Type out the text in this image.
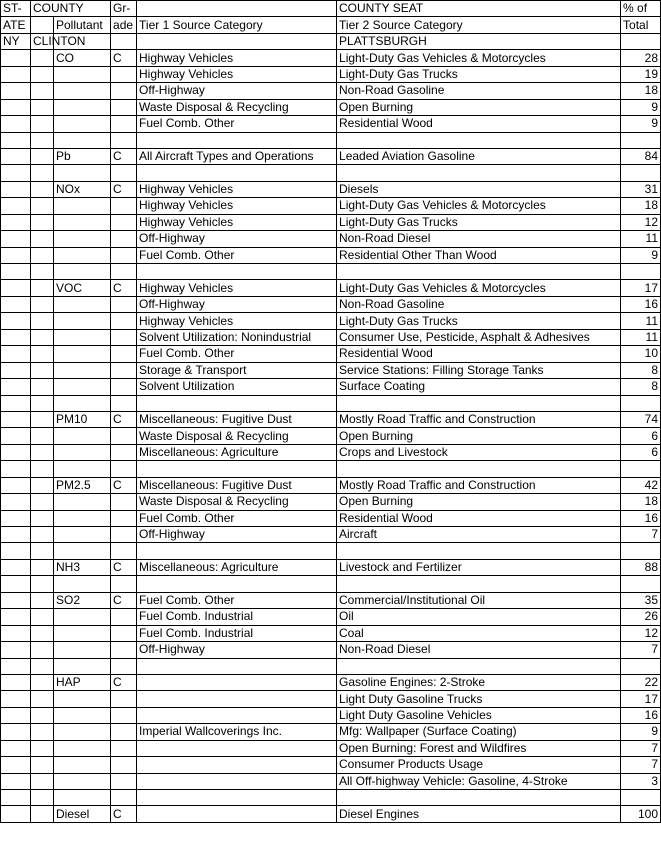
ST-	COUNTY		Gr-		COUNTY SEAT	% of
ATE		Pollutant	ade	Tier 1 Source Category	Tier 2 Source Category	Total
NY	CLINTON				PLATTSBURGH	
		CO	C	Highway Vehicles	Light-Duty Gas Vehicles & Motorcycles	28
				Highway Vehicles	Light-Duty Gas Trucks	19
				Off-Highway	Non-Road Gasoline	18
				Waste Disposal & Recycling	Open Burning	9
				Fuel Comb. Other	Residential Wood	9

		Pb	C	All Aircraft Types and Operations	Leaded Aviation Gasoline	84

		NOx	C	Highway Vehicles	Diesels	31
				Highway Vehicles	Light-Duty Gas Vehicles & Motorcycles	18
				Highway Vehicles	Light-Duty Gas Trucks	12
				Off-Highway	Non-Road Diesel	11
				Fuel Comb. Other	Residential Other Than Wood	9

		VOC	C	Highway Vehicles	Light-Duty Gas Vehicles & Motorcycles	17
				Off-Highway	Non-Road Gasoline	16
				Highway Vehicles	Light-Duty Gas Trucks	11
				Solvent Utilization: Nonindustrial	Consumer Use, Pesticide, Asphalt & Adhesives	11
				Fuel Comb. Other	Residential Wood	10
				Storage & Transport	Service Stations: Filling Storage Tanks	8
				Solvent Utilization	Surface Coating	8

		PM10	C	Miscellaneous: Fugitive Dust	Mostly Road Traffic and Construction	74
				Waste Disposal & Recycling	Open Burning	6
				Miscellaneous: Agriculture	Crops and Livestock	6

		PM2.5	C	Miscellaneous: Fugitive Dust	Mostly Road Traffic and Construction	42
				Waste Disposal & Recycling	Open Burning	18
				Fuel Comb. Other	Residential Wood	16
				Off-Highway	Aircraft	7

		NH3	C	Miscellaneous: Agriculture	Livestock and Fertilizer	88

		SO2	C	Fuel Comb. Other	Commercial/Institutional Oil	35
				Fuel Comb. Industrial	Oil	26
				Fuel Comb. Industrial	Coal	12
				Off-Highway	Non-Road Diesel	7

		HAP	C		Gasoline Engines: 2-Stroke	22
					Light Duty Gasoline Trucks	17
					Light Duty Gasoline Vehicles	16
				Imperial Wallcoverings Inc.	Mfg: Wallpaper (Surface Coating)	9
					Open Burning: Forest and Wildfires	7
					Consumer Products Usage	7
					All Off-highway Vehicle: Gasoline, 4-Stroke	3

		Diesel	C		Diesel Engines	100
